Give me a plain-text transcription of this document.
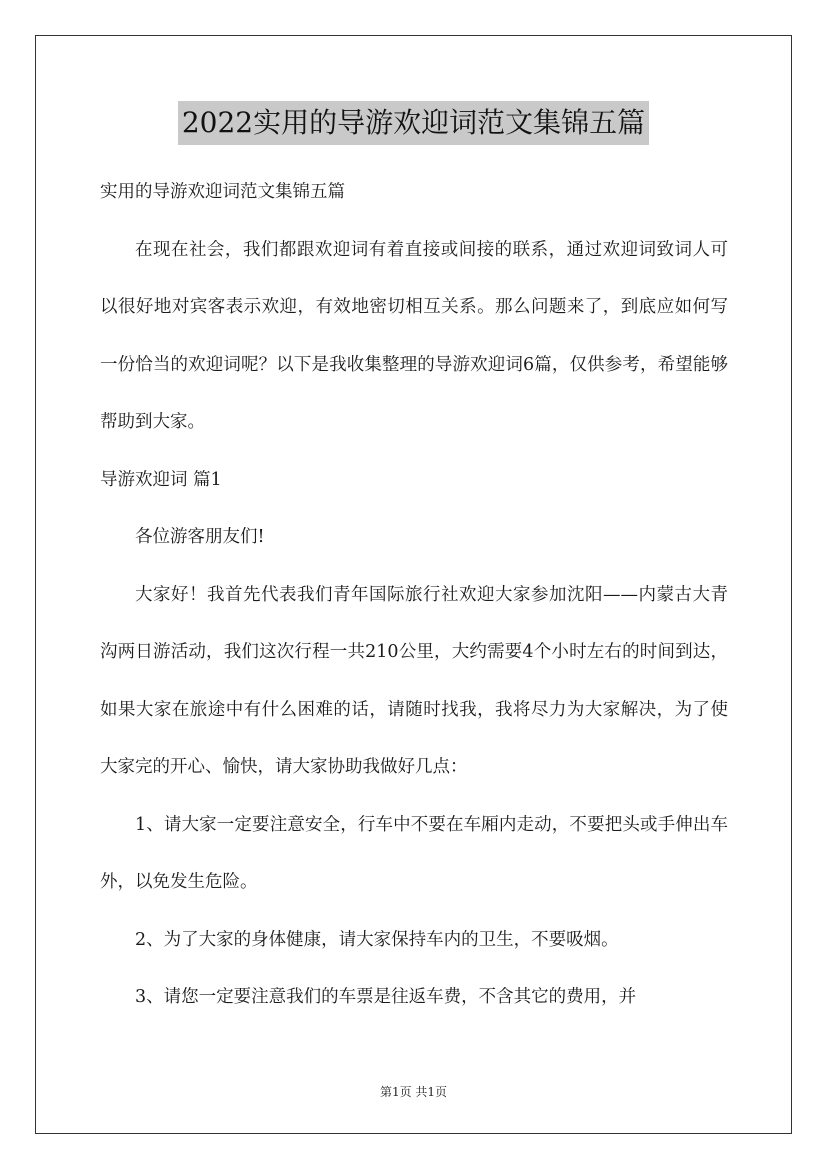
2022实用的导游欢迎词范文集锦五篇

实用的导游欢迎词范文集锦五篇

在现在社会，我们都跟欢迎词有着直接或间接的联系，通过欢迎词致词人可以很好地对宾客表示欢迎，有效地密切相互关系。那么问题来了，到底应如何写一份恰当的欢迎词呢？以下是我收集整理的导游欢迎词6篇，仅供参考，希望能够帮助到大家。

导游欢迎词 篇1

各位游客朋友们!

大家好！我首先代表我们青年国际旅行社欢迎大家参加沈阳——内蒙古大青沟两日游活动，我们这次行程一共210公里，大约需要4个小时左右的时间到达，如果大家在旅途中有什么困难的话，请随时找我，我将尽力为大家解决，为了使大家完的开心、愉快，请大家协助我做好几点：

1、请大家一定要注意安全，行车中不要在车厢内走动，不要把头或手伸出车外，以免发生危险。

2、为了大家的身体健康，请大家保持车内的卫生，不要吸烟。

3、请您一定要注意我们的车票是往返车费，不含其它的费用，并

第1页 共1页
